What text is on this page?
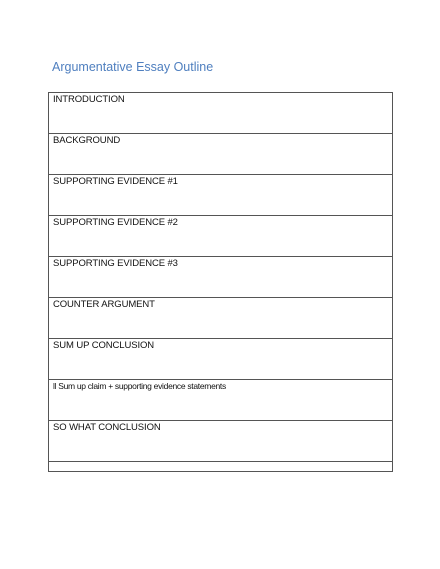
Argumentative Essay Outline
INTRODUCTION
BACKGROUND
SUPPORTING EVIDENCE #1
SUPPORTING EVIDENCE #2
SUPPORTING EVIDENCE #3
COUNTER ARGUMENT
SUM UP CONCLUSION
ll Sum up claim + supporting evidence statements
SO WHAT CONCLUSION
